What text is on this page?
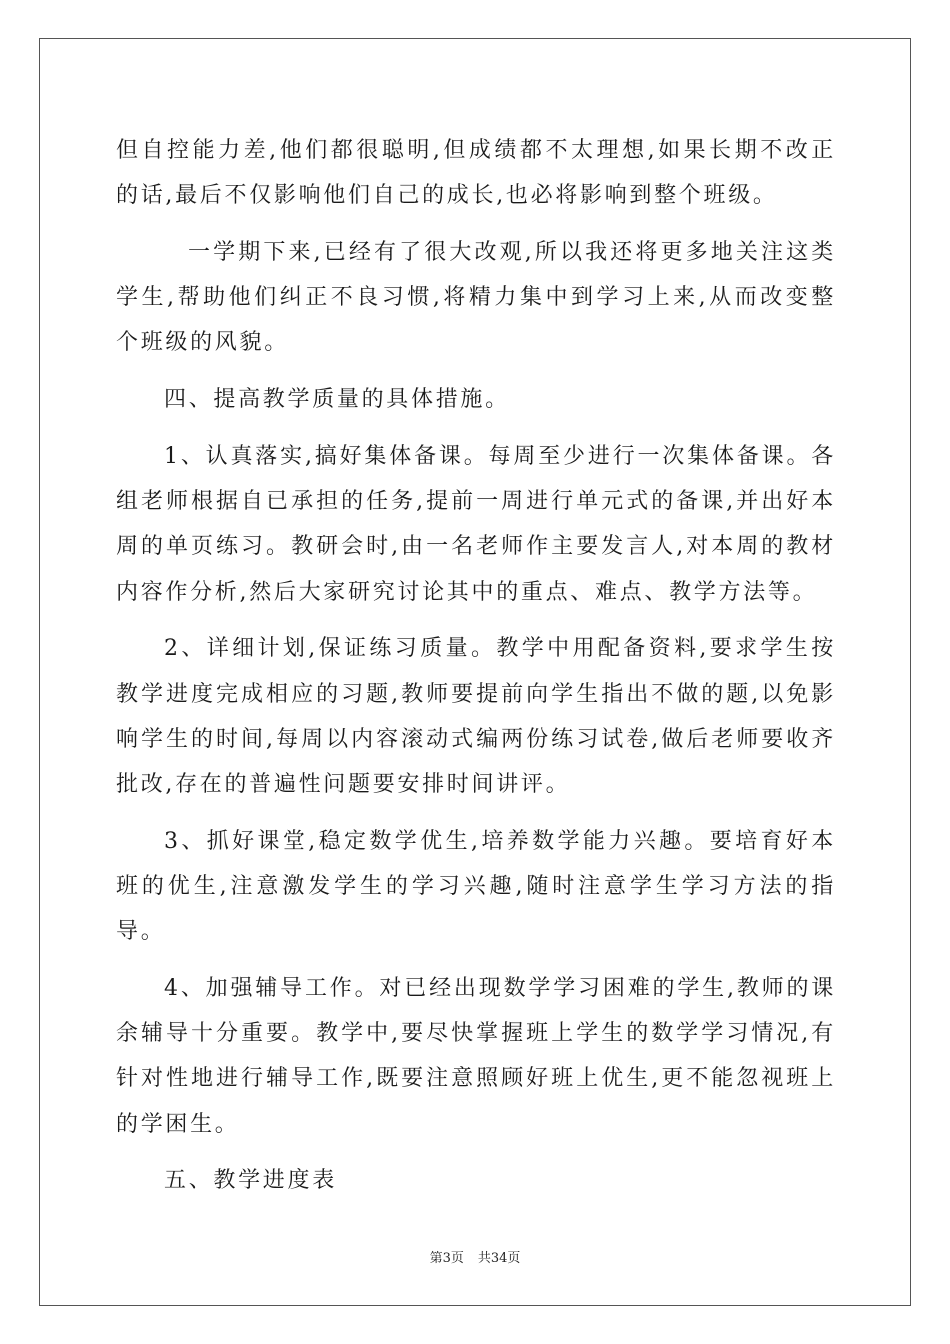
但自控能力差,他们都很聪明,但成绩都不太理想,如果长期不改正的话,最后不仅影响他们自己的成长,也必将影响到整个班级。

一学期下来,已经有了很大改观,所以我还将更多地关注这类学生,帮助他们纠正不良习惯,将精力集中到学习上来,从而改变整个班级的风貌。

四、提高教学质量的具体措施。

1、认真落实,搞好集体备课。每周至少进行一次集体备课。各组老师根据自已承担的任务,提前一周进行单元式的备课,并出好本周的单页练习。教研会时,由一名老师作主要发言人,对本周的教材内容作分析,然后大家研究讨论其中的重点、难点、教学方法等。

2、详细计划,保证练习质量。教学中用配备资料,要求学生按教学进度完成相应的习题,教师要提前向学生指出不做的题,以免影响学生的时间,每周以内容滚动式编两份练习试卷,做后老师要收齐批改,存在的普遍性问题要安排时间讲评。

3、抓好课堂,稳定数学优生,培养数学能力兴趣。要培育好本班的优生,注意激发学生的学习兴趣,随时注意学生学习方法的指导。

4、加强辅导工作。对已经出现数学学习困难的学生,教师的课余辅导十分重要。教学中,要尽快掌握班上学生的数学学习情况,有针对性地进行辅导工作,既要注意照顾好班上优生,更不能忽视班上的学困生。

五、教学进度表

第3页 共34页
